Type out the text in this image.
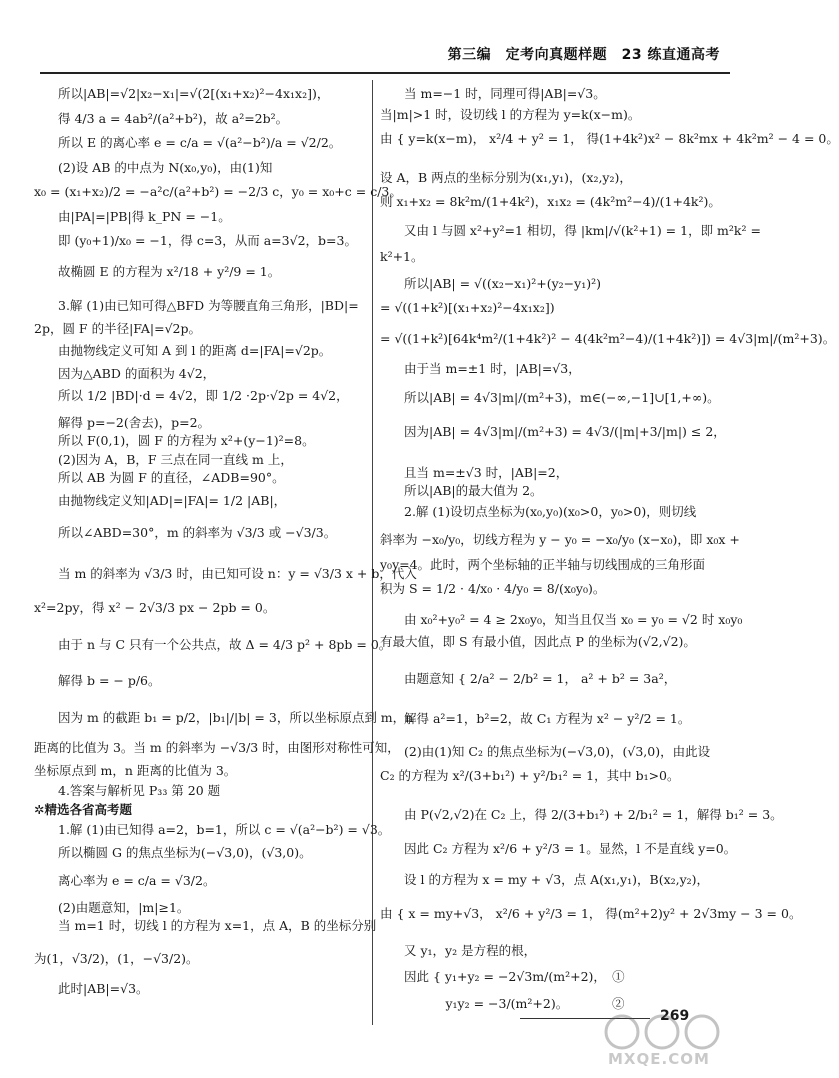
第三编　定考向真题样题　23 练直通高考
所以|AB|=√2|x₂−x₁|=√(2[(x₁+x₂)²−4x₁x₂])，
得 4/3 a = 4ab²/(a²+b²)，故 a²=2b²。
所以 E 的离心率 e = c/a = √(a²−b²)/a = √2/2。
(2)设 AB 的中点为 N(x₀,y₀)，由(1)知
x₀ = (x₁+x₂)/2 = −a²c/(a²+b²) = −2/3 c，y₀ = x₀+c = c/3。
由|PA|=|PB|得 k_PN = −1。
即 (y₀+1)/x₀ = −1，得 c=3，从而 a=3√2，b=3。
故椭圆 E 的方程为 x²/18 + y²/9 = 1。
3.解 (1)由已知可得△BFD 为等腰直角三角形，|BD|=
2p，圆 F 的半径|FA|=√2p。
由抛物线定义可知 A 到 l 的距离 d=|FA|=√2p。
因为△ABD 的面积为 4√2，
所以 1/2 |BD|·d = 4√2，即 1/2 ·2p·√2p = 4√2，
解得 p=−2(舍去)，p=2。
所以 F(0,1)，圆 F 的方程为 x²+(y−1)²=8。
(2)因为 A，B，F 三点在同一直线 m 上，
所以 AB 为圆 F 的直径，∠ADB=90°。
由抛物线定义知|AD|=|FA|= 1/2 |AB|，
所以∠ABD=30°，m 的斜率为 √3/3 或 −√3/3。
当 m 的斜率为 √3/3 时，由已知可设 n：y = √3/3 x + b，代入
x²=2py，得 x² − 2√3/3 px − 2pb = 0。
由于 n 与 C 只有一个公共点，故 Δ = 4/3 p² + 8pb = 0。
解得 b = − p/6。
因为 m 的截距 b₁ = p/2，|b₁|/|b| = 3，所以坐标原点到 m，n
距离的比值为 3。当 m 的斜率为 −√3/3 时，由图形对称性可知，
坐标原点到 m，n 距离的比值为 3。
4.答案与解析见 P₃₃ 第 20 题
✲精选各省高考题
1.解 (1)由已知得 a=2，b=1，所以 c = √(a²−b²) = √3。
所以椭圆 G 的焦点坐标为(−√3,0)，(√3,0)。
离心率为 e = c/a = √3/2。
(2)由题意知，|m|≥1。
当 m=1 时，切线 l 的方程为 x=1，点 A，B 的坐标分别
为(1，√3/2)，(1，−√3/2)。
此时|AB|=√3。
当 m=−1 时，同理可得|AB|=√3。
当|m|>1 时，设切线 l 的方程为 y=k(x−m)。
由 { y=k(x−m)， x²/4 + y² = 1， 得(1+4k²)x² − 8k²mx + 4k²m² − 4 = 0。
设 A，B 两点的坐标分别为(x₁,y₁)，(x₂,y₂)，
则 x₁+x₂ = 8k²m/(1+4k²)，x₁x₂ = (4k²m²−4)/(1+4k²)。
又由 l 与圆 x²+y²=1 相切，得 |km|/√(k²+1) = 1，即 m²k² =
k²+1。
所以|AB| = √((x₂−x₁)²+(y₂−y₁)²)
= √((1+k²)[(x₁+x₂)²−4x₁x₂])
= √((1+k²)[64k⁴m²/(1+4k²)² − 4(4k²m²−4)/(1+4k²)]) = 4√3|m|/(m²+3)。
由于当 m=±1 时，|AB|=√3，
所以|AB| = 4√3|m|/(m²+3)，m∈(−∞,−1]∪[1,+∞)。
因为|AB| = 4√3|m|/(m²+3) = 4√3/(|m|+3/|m|) ≤ 2，
且当 m=±√3 时，|AB|=2，
所以|AB|的最大值为 2。
2.解 (1)设切点坐标为(x₀,y₀)(x₀>0，y₀>0)，则切线
斜率为 −x₀/y₀，切线方程为 y − y₀ = −x₀/y₀ (x−x₀)，即 x₀x +
y₀y=4。此时，两个坐标轴的正半轴与切线围成的三角形面
积为 S = 1/2 · 4/x₀ · 4/y₀ = 8/(x₀y₀)。
由 x₀²+y₀² = 4 ≥ 2x₀y₀，知当且仅当 x₀ = y₀ = √2 时 x₀y₀
有最大值，即 S 有最小值，因此点 P 的坐标为(√2,√2)。
由题意知 { 2/a² − 2/b² = 1， a² + b² = 3a²，
解得 a²=1，b²=2，故 C₁ 方程为 x² − y²/2 = 1。
(2)由(1)知 C₂ 的焦点坐标为(−√3,0)，(√3,0)，由此设
C₂ 的方程为 x²/(3+b₁²) + y²/b₁² = 1，其中 b₁>0。
由 P(√2,√2)在 C₂ 上，得 2/(3+b₁²) + 2/b₁² = 1，解得 b₁² = 3。
因此 C₂ 方程为 x²/6 + y²/3 = 1。显然，l 不是直线 y=0。
设 l 的方程为 x = my + √3，点 A(x₁,y₁)，B(x₂,y₂)，
由 { x = my+√3， x²/6 + y²/3 = 1， 得(m²+2)y² + 2√3my − 3 = 0。
又 y₁，y₂ 是方程的根，
因此 { y₁+y₂ = −2√3m/(m²+2)，　①
　　　 y₁y₂ = −3/(m²+2)。　　　　②
269
MXQE.COM
